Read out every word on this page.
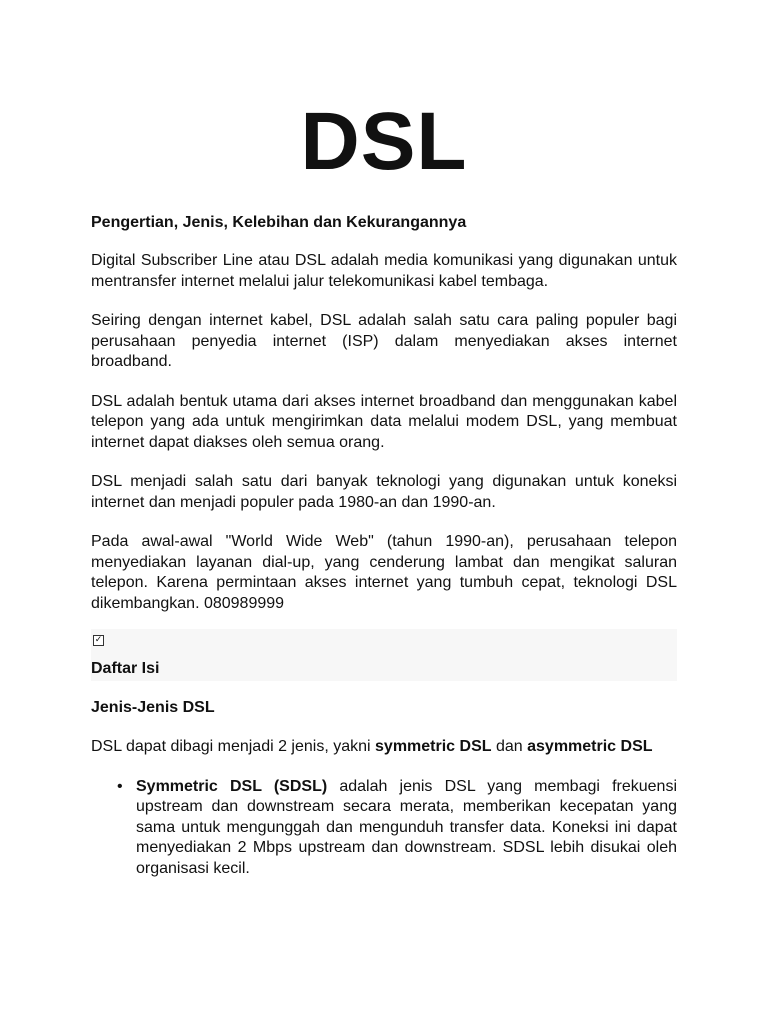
DSL
Pengertian, Jenis, Kelebihan dan Kekurangannya

Digital Subscriber Line atau DSL adalah media komunikasi yang digunakan untuk mentransfer internet melalui jalur telekomunikasi kabel tembaga.

Seiring dengan internet kabel, DSL adalah salah satu cara paling populer bagi perusahaan penyedia internet (ISP) dalam menyediakan akses internet broadband.

DSL adalah bentuk utama dari akses internet broadband dan menggunakan kabel telepon yang ada untuk mengirimkan data melalui modem DSL, yang membuat internet dapat diakses oleh semua orang.

DSL menjadi salah satu dari banyak teknologi yang digunakan untuk koneksi internet dan menjadi populer pada 1980-an dan 1990-an.

Pada awal-awal "World Wide Web" (tahun 1990-an), perusahaan telepon menyediakan layanan dial-up, yang cenderung lambat dan mengikat saluran telepon. Karena permintaan akses internet yang tumbuh cepat, teknologi DSL dikembangkan. 080989999

✓
Daftar Isi
Jenis-Jenis DSL

DSL dapat dibagi menjadi 2 jenis, yakni symmetric DSL dan asymmetric DSL

• Symmetric DSL (SDSL) adalah jenis DSL yang membagi frekuensi upstream dan downstream secara merata, memberikan kecepatan yang sama untuk mengunggah dan mengunduh transfer data. Koneksi ini dapat menyediakan 2 Mbps upstream dan downstream. SDSL lebih disukai oleh organisasi kecil.
